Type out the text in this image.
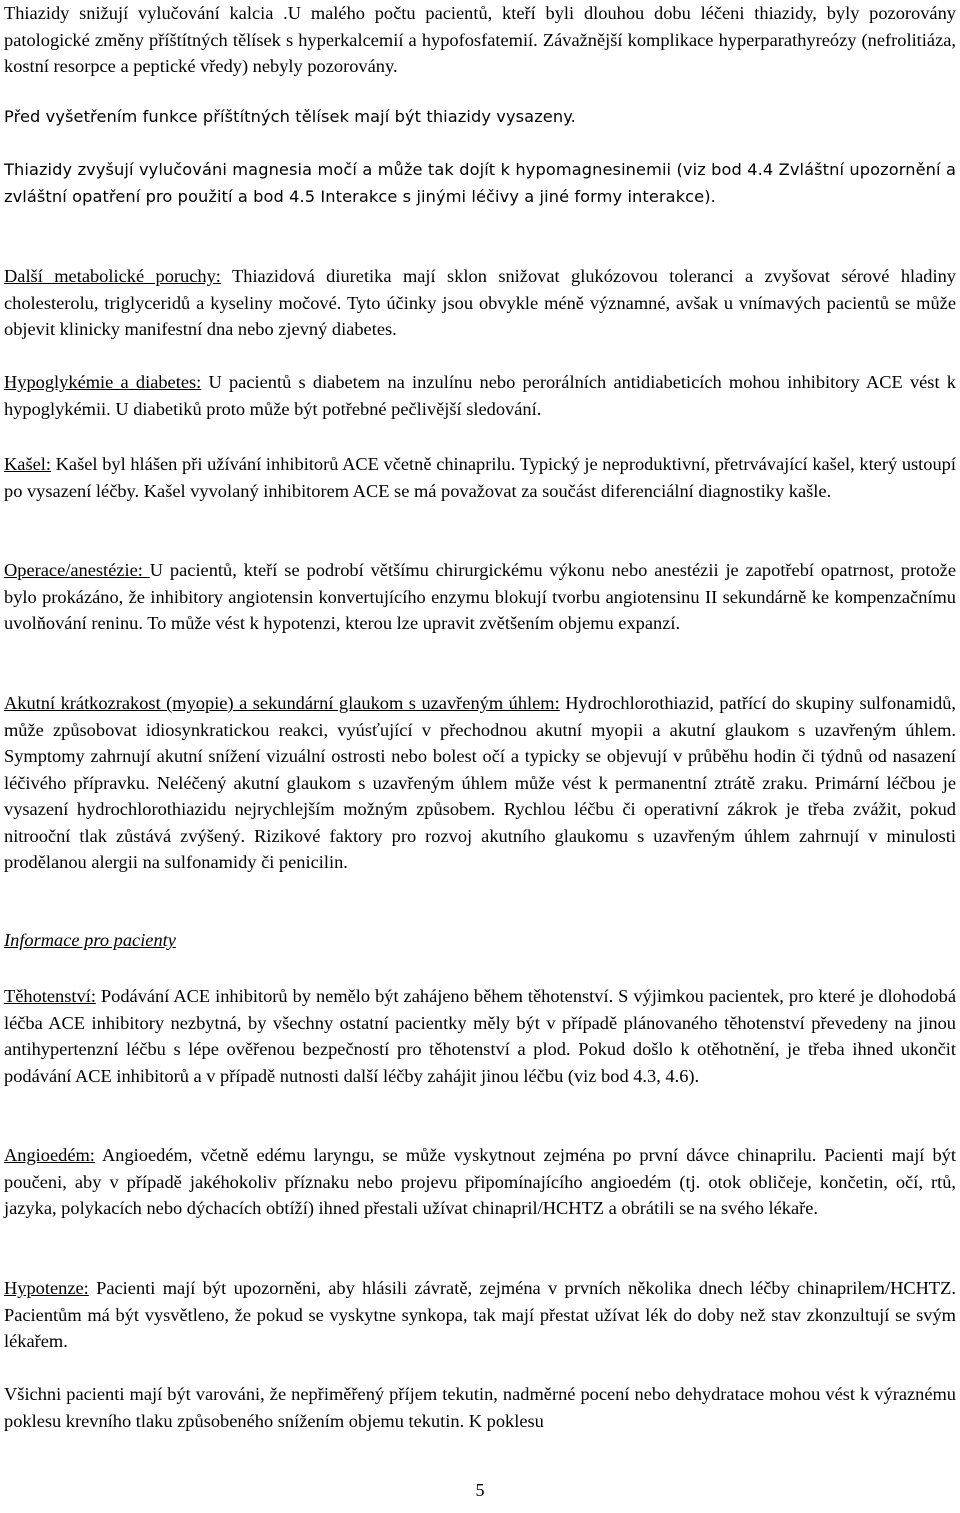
Thiazidy snižují vylučování kalcia .U malého počtu pacientů, kteří byli dlouhou dobu léčeni thiazidy, byly pozorovány patologické změny příštítných tělísek s hyperkalcemií a hypofosfatemií. Závažnější komplikace hyperparathyreózy (nefrolitiáza, kostní resorpce a peptické vředy) nebyly pozorovány.

Před vyšetřením funkce příštítných tělísek mají být thiazidy vysazeny.

Thiazidy zvyšují vylučováni magnesia močí a může tak dojít k hypomagnesinemii (viz bod 4.4 Zvláštní upozornění a zvláštní opatření pro použití a bod 4.5 Interakce s jinými léčivy a jiné formy interakce).

Další metabolické poruchy: Thiazidová diuretika mají sklon snižovat glukózovou toleranci a zvyšovat sérové hladiny cholesterolu, triglyceridů a kyseliny močové. Tyto účinky jsou obvykle méně významné, avšak u vnímavých pacientů se může objevit klinicky manifestní dna nebo zjevný diabetes.

Hypoglykémie a diabetes: U pacientů s diabetem na inzulínu nebo perorálních antidiabeticích mohou inhibitory ACE vést k hypoglykémii. U diabetiků proto může být potřebné pečlivější sledování.

Kašel: Kašel byl hlášen při užívání inhibitorů ACE včetně chinaprilu. Typický je neproduktivní, přetrvávající kašel, který ustoupí po vysazení léčby. Kašel vyvolaný inhibitorem ACE se má považovat za součást diferenciální diagnostiky kašle.

Operace/anestézie: U pacientů, kteří se podrobí většímu chirurgickému výkonu nebo anestézii je zapotřebí opatrnost, protože bylo prokázáno, že inhibitory angiotensin konvertujícího enzymu blokují tvorbu angiotensinu II sekundárně ke kompenzačnímu uvolňování reninu. To může vést k hypotenzi, kterou lze upravit zvětšením objemu expanzí.

Akutní krátkozrakost (myopie) a sekundární glaukom s uzavřeným úhlem: Hydrochlorothiazid, patřící do skupiny sulfonamidů, může způsobovat idiosynkratickou reakci, vyúsťující v přechodnou akutní myopii a akutní glaukom s uzavřeným úhlem. Symptomy zahrnují akutní snížení vizuální ostrosti nebo bolest očí a typicky se objevují v průběhu hodin či týdnů od nasazení léčivého přípravku. Neléčený akutní glaukom s uzavřeným úhlem může vést k permanentní ztrátě zraku. Primární léčbou je vysazení hydrochlorothiazidu nejrychlejším možným způsobem. Rychlou léčbu či operativní zákrok je třeba zvážit, pokud nitrooční tlak zůstává zvýšený. Rizikové faktory pro rozvoj akutního glaukomu s uzavřeným úhlem zahrnují v minulosti prodělanou alergii na sulfonamidy či penicilin.

Informace pro pacienty

Těhotenství: Podávání ACE inhibitorů by nemělo být zahájeno během těhotenství. S výjimkou pacientek, pro které je dlohodobá léčba ACE inhibitory nezbytná, by všechny ostatní pacientky měly být v případě plánovaného těhotenství převedeny na jinou antihypertenzní léčbu s lépe ověřenou bezpečností pro těhotenství a plod. Pokud došlo k otěhotnění, je třeba ihned ukončit podávání ACE inhibitorů a v případě nutnosti další léčby zahájit jinou léčbu (viz bod 4.3, 4.6).

Angioedém: Angioedém, včetně edému laryngu, se může vyskytnout zejména po první dávce chinaprilu. Pacienti mají být poučeni, aby v případě jakéhokoliv příznaku nebo projevu připomínajícího angioedém (tj. otok obličeje, končetin, očí, rtů, jazyka, polykacích nebo dýchacích obtíží) ihned přestali užívat chinapril/HCHTZ a obrátili se na svého lékaře.

Hypotenze: Pacienti mají být upozorněni, aby hlásili závratě, zejména v prvních několika dnech léčby chinaprilem/HCHTZ. Pacientům má být vysvětleno, že pokud se vyskytne synkopa, tak mají přestat užívat lék do doby než stav zkonzultují se svým lékařem.

Všichni pacienti mají být varováni, že nepřiměřený příjem tekutin, nadměrné pocení nebo dehydratace mohou vést k výraznému poklesu krevního tlaku způsobeného snížením objemu tekutin. K poklesu

5
